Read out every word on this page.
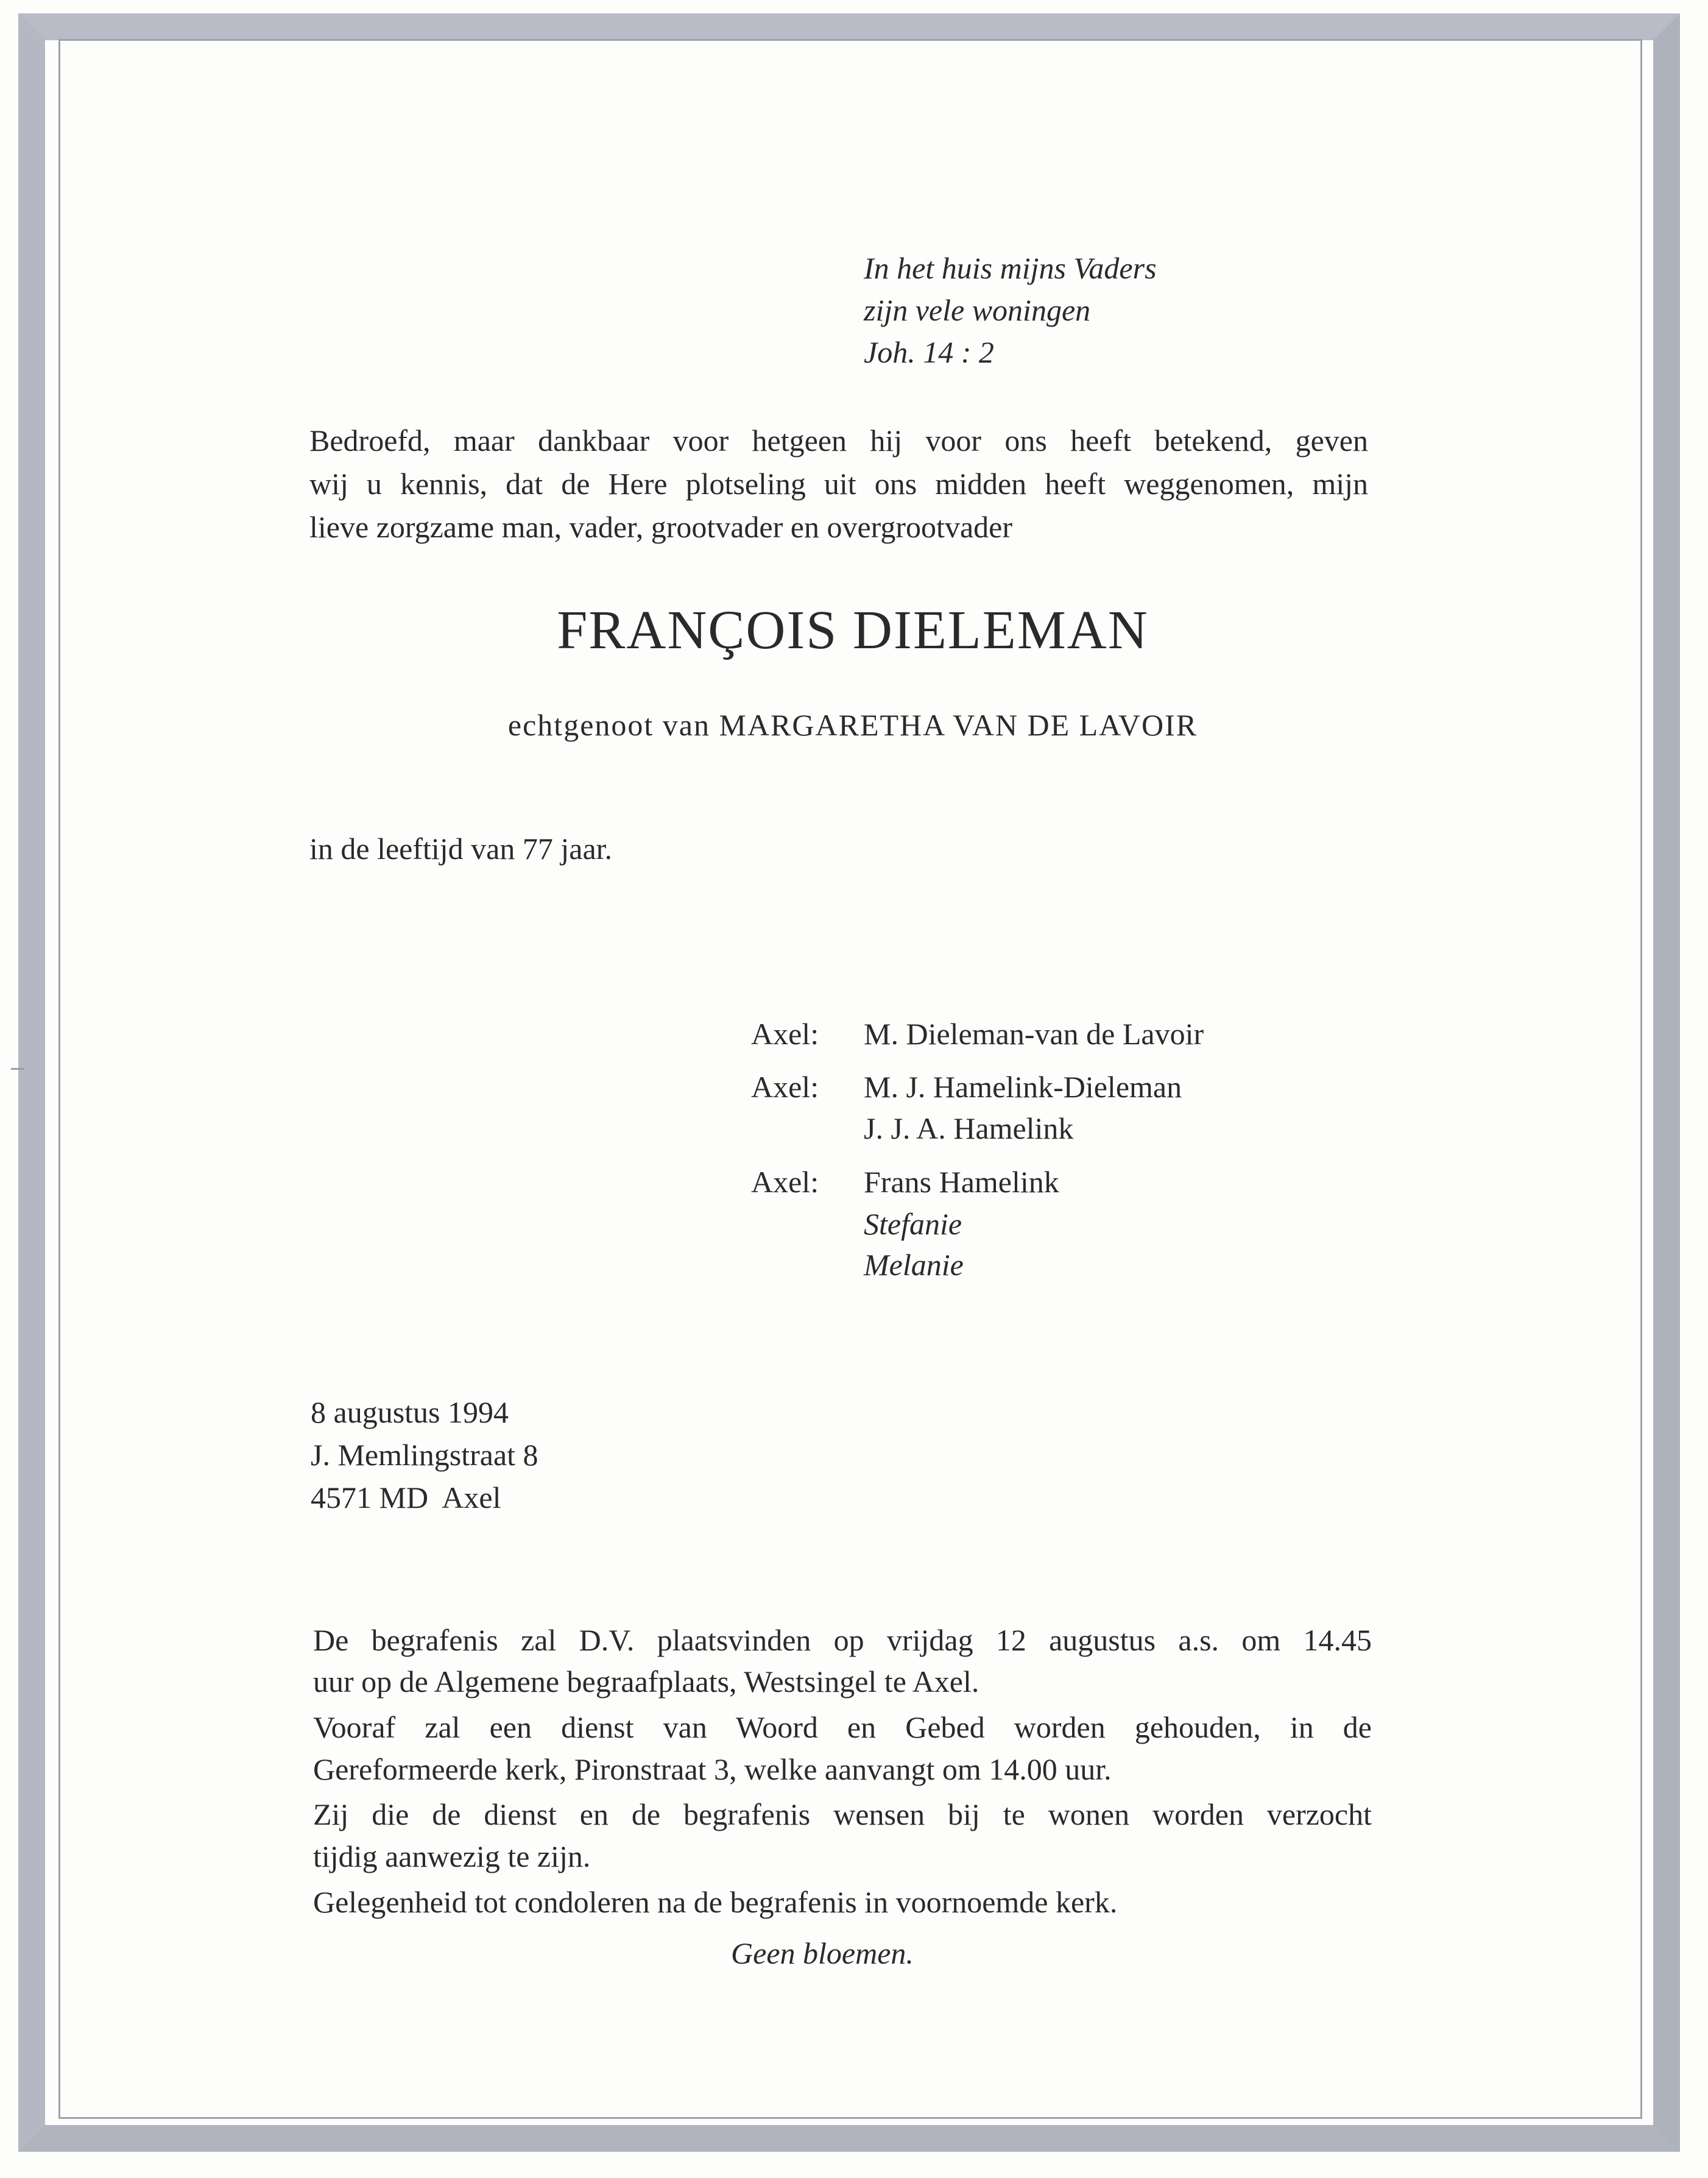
In het huis mijns Vaders
zijn vele woningen
Joh. 14 : 2
Bedroefd, maar dankbaar voor hetgeen hij voor ons heeft betekend, geven
wij u kennis, dat de Here plotseling uit ons midden heeft weggenomen, mijn
lieve zorgzame man, vader, grootvader en overgrootvader
FRANÇOIS DIELEMAN
echtgenoot van MARGARETHA VAN DE LAVOIR
in de leeftijd van 77 jaar.
Axel: M. Dieleman-van de Lavoir
Axel: M. J. Hamelink-Dieleman
J. J. A. Hamelink
Axel: Frans Hamelink
Stefanie
Melanie
8 augustus 1994
J. Memlingstraat 8
4571 MD  Axel
De begrafenis zal D.V. plaatsvinden op vrijdag 12 augustus a.s. om 14.45
uur op de Algemene begraafplaats, Westsingel te Axel.
Vooraf zal een dienst van Woord en Gebed worden gehouden, in de
Gereformeerde kerk, Pironstraat 3, welke aanvangt om 14.00 uur.
Zij die de dienst en de begrafenis wensen bij te wonen worden verzocht
tijdig aanwezig te zijn.
Gelegenheid tot condoleren na de begrafenis in voornoemde kerk.
Geen bloemen.
